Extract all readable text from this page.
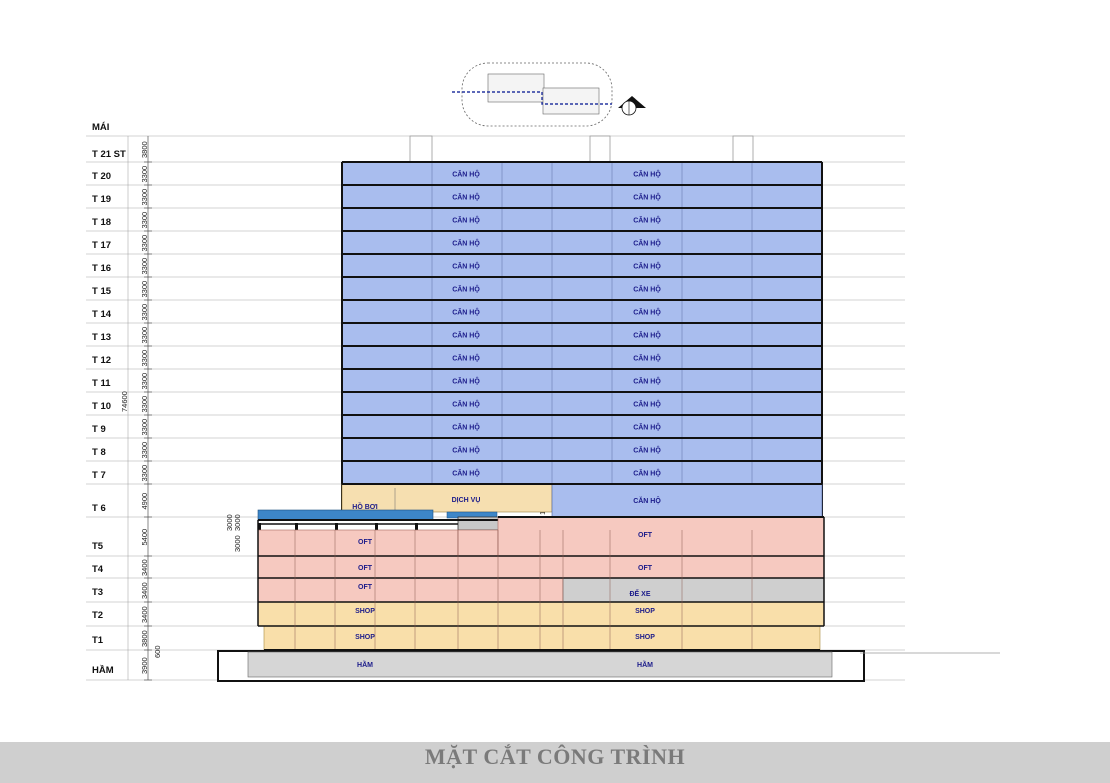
MÁI
T 21 ST
T 20
T 19
T 18
T 17
T 16
T 15
T 14
T 13
T 12
T 11
T 10
T 9
T 8
T 7
T 6
T5
T4
T3
T2
T1
HẦM
3800
3300
3300
3300
3300
3300
3300
3300
3300
3300
3300
3300
3300
3300
3300
4900
5400
3400
3400
3400
3800
3900
74600
600
3000 3000
3000
CĂN HỘ	CĂN HỘ
CĂN HỘ	CĂN HỘ
CĂN HỘ	CĂN HỘ
CĂN HỘ	CĂN HỘ
CĂN HỘ	CĂN HỘ
CĂN HỘ	CĂN HỘ
CĂN HỘ	CĂN HỘ
CĂN HỘ	CĂN HỘ
CĂN HỘ	CĂN HỘ
CĂN HỘ	CĂN HỘ
CĂN HỘ	CĂN HỘ
CĂN HỘ	CĂN HỘ
CĂN HỘ	CĂN HỘ
CĂN HỘ	CĂN HỘ
DỊCH VỤ	CĂN HỘ
HỒ BƠI
OFT
OFT
OFT	OFT
OFT
ĐỂ XE
SHOP	SHOP
SHOP	SHOP
HẦM	HẦM
MẶT CẮT CÔNG TRÌNH
